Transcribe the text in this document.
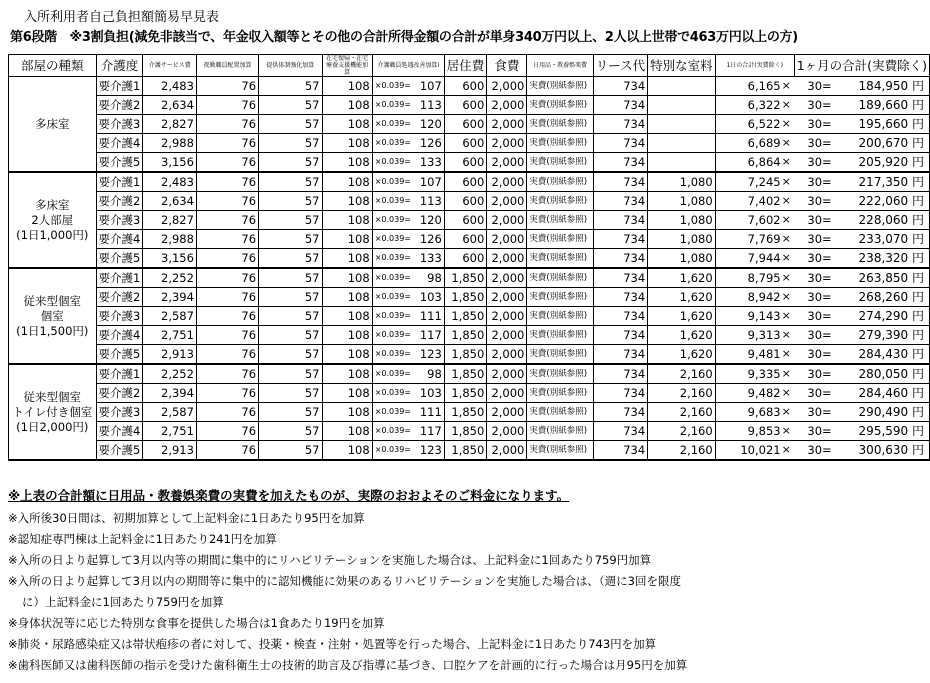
入所利用者自己負担額簡易早見表
第6段階　※3割負担(減免非該当で、年金収入額等とその他の合計所得金額の合計が単身340万円以上、2人以上世帯で463万円以上の方)
部屋の種類	介護度	介護サービス費	夜勤職員配置加算	提供体制強化加算	在宅復帰・在宅療養支援機能加算	介護職員処遇改善加算Ⅰ		居住費	食費	日用品・教養娯楽費	リース代	特別な室料	1日の合計(実費除く)		1ヶ月の合計(実費除く)	

多床室	要介護1	2,483	76	57	108	×0.039=	107	600	2,000	実費(別紙参照)	734		6,165	×	30=	184,950 円
	要介護2	2,634	76	57	108	×0.039=	113	600	2,000	実費(別紙参照)	734		6,322	×	30=	189,660 円
	要介護3	2,827	76	57	108	×0.039=	120	600	2,000	実費(別紙参照)	734		6,522	×	30=	195,660 円
	要介護4	2,988	76	57	108	×0.039=	126	600	2,000	実費(別紙参照)	734		6,689	×	30=	200,670 円
	要介護5	3,156	76	57	108	×0.039=	133	600	2,000	実費(別紙参照)	734		6,864	×	30=	205,920 円

多床室
2人部屋
(1日1,000円)	要介護1	2,483	76	57	108	×0.039=	107	600	2,000	実費(別紙参照)	734	1,080	7,245	×	30=	217,350 円
	要介護2	2,634	76	57	108	×0.039=	113	600	2,000	実費(別紙参照)	734	1,080	7,402	×	30=	222,060 円
	要介護3	2,827	76	57	108	×0.039=	120	600	2,000	実費(別紙参照)	734	1,080	7,602	×	30=	228,060 円
	要介護4	2,988	76	57	108	×0.039=	126	600	2,000	実費(別紙参照)	734	1,080	7,769	×	30=	233,070 円
	要介護5	3,156	76	57	108	×0.039=	133	600	2,000	実費(別紙参照)	734	1,080	7,944	×	30=	238,320 円

従来型個室
個室
(1日1,500円)	要介護1	2,252	76	57	108	×0.039=	98	1,850	2,000	実費(別紙参照)	734	1,620	8,795	×	30=	263,850 円
	要介護2	2,394	76	57	108	×0.039=	103	1,850	2,000	実費(別紙参照)	734	1,620	8,942	×	30=	268,260 円
	要介護3	2,587	76	57	108	×0.039=	111	1,850	2,000	実費(別紙参照)	734	1,620	9,143	×	30=	274,290 円
	要介護4	2,751	76	57	108	×0.039=	117	1,850	2,000	実費(別紙参照)	734	1,620	9,313	×	30=	279,390 円
	要介護5	2,913	76	57	108	×0.039=	123	1,850	2,000	実費(別紙参照)	734	1,620	9,481	×	30=	284,430 円

従来型個室
トイレ付き個室
(1日2,000円)	要介護1	2,252	76	57	108	×0.039=	98	1,850	2,000	実費(別紙参照)	734	2,160	9,335	×	30=	280,050 円
	要介護2	2,394	76	57	108	×0.039=	103	1,850	2,000	実費(別紙参照)	734	2,160	9,482	×	30=	284,460 円
	要介護3	2,587	76	57	108	×0.039=	111	1,850	2,000	実費(別紙参照)	734	2,160	9,683	×	30=	290,490 円
	要介護4	2,751	76	57	108	×0.039=	117	1,850	2,000	実費(別紙参照)	734	2,160	9,853	×	30=	295,590 円
	要介護5	2,913	76	57	108	×0.039=	123	1,850	2,000	実費(別紙参照)	734	2,160	10,021	×	30=	300,630 円
※上表の合計額に日用品・教養娯楽費の実費を加えたものが、実際のおおよそのご料金になります。
※入所後30日間は、初期加算として上記料金に1日あたり95円を加算
※認知症専門棟は上記料金に1日あたり241円を加算
※入所の日より起算して3月以内等の期間に集中的にリハビリテーションを実施した場合は、上記料金に1回あたり759円加算
※入所の日より起算して3月以内の期間等に集中的に認知機能に効果のあるリハビリテーションを実施した場合は、（週に3回を限度
に）上記料金に1回あたり759円を加算
※身体状況等に応じた特別な食事を提供した場合は1食あたり19円を加算
※肺炎・尿路感染症又は帯状疱疹の者に対して、投薬・検査・注射・処置等を行った場合、上記料金に1日あたり743円を加算
※歯科医師又は歯科医師の指示を受けた歯科衛生士の技術的助言及び指導に基づき、口腔ケアを計画的に行った場合は月95円を加算
